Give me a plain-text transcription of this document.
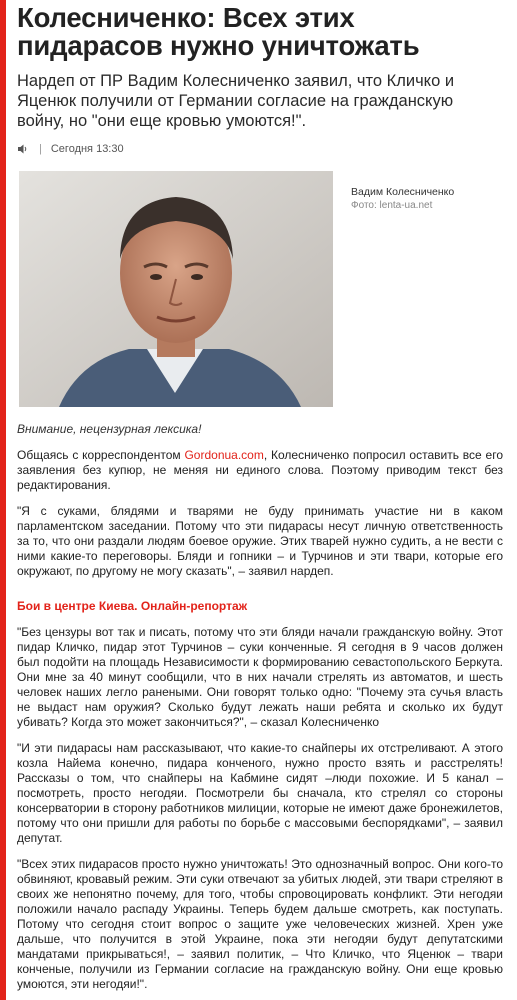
Колесниченко: Всех этих пидарасов нужно уничтожать

Нардеп от ПР Вадим Колесниченко заявил, что Кличко и Яценюк получили от Германии согласие на гражданскую войну, но "они еще кровью умоются!".

| Сегодня 13:30
Вадим Колесниченко
Фото: lenta-ua.net

Внимание, нецензурная лексика!

Общаясь с корреспондентом Gordonua.com, Колесниченко попросил оставить все его заявления без купюр, не меняя ни единого слова. Поэтому приводим текст без редактирования.

"Я с суками, блядями и тварями не буду принимать участие ни в каком парламентском заседании. Потому что эти пидарасы несут личную ответственность за то, что они раздали людям боевое оружие. Этих тварей нужно судить, а не вести с ними какие-то переговоры. Бляди и гопники – и Турчинов и эти твари, которые его окружают, по другому не могу сказать", – заявил нардеп.

Бои в центре Киева. Онлайн-репортаж

"Без цензуры вот так и писать, потому что эти бляди начали гражданскую войну. Этот пидар Кличко, пидар этот Турчинов – суки конченные. Я сегодня в 9 часов должен был подойти на площадь Независимости к формированию севастопольского Беркута. Они мне за 40 минут сообщили, что в них начали стрелять из автоматов, и шесть человек наших легло ранеными. Они говорят только одно: "Почему эта сучья власть не выдаст нам оружия? Сколько будут лежать наши ребята и сколько их будут убивать? Когда это может закончиться?", – сказал Колесниченко

"И эти пидарасы нам рассказывают, что какие-то снайперы их отстреливают. А этого козла Найема конечно, пидара конченого, нужно просто взять и расстрелять! Рассказы о том, что снайперы на Кабмине сидят –люди похожие. И 5 канал – посмотреть, просто негодяи. Посмотрели бы сначала, кто стрелял со стороны консерватории в сторону работников милиции, которые не имеют даже бронежилетов, потому что они пришли для работы по борьбе с массовыми беспорядками", – заявил депутат.

"Всех этих пидарасов просто нужно уничтожать! Это однозначный вопрос. Они кого-то обвиняют, кровавый режим. Эти суки отвечают за убитых людей, эти твари стреляют в своих же непонятно почему, для того, чтобы спровоцировать конфликт. Эти негодяи положили начало распаду Украины. Теперь будем дальше смотреть, как поступать. Потому что сегодня стоит вопрос о защите уже человеческих жизней. Хрен уже дальше, что получится в этой Украине, пока эти негодяи будут депутатскими мандатами прикрываться!, – заявил политик, – Что Кличко, что Яценюк – твари конченые, получили из Германии согласие на гражданскую войну. Они еще кровью умоются, эти негодяи!".
